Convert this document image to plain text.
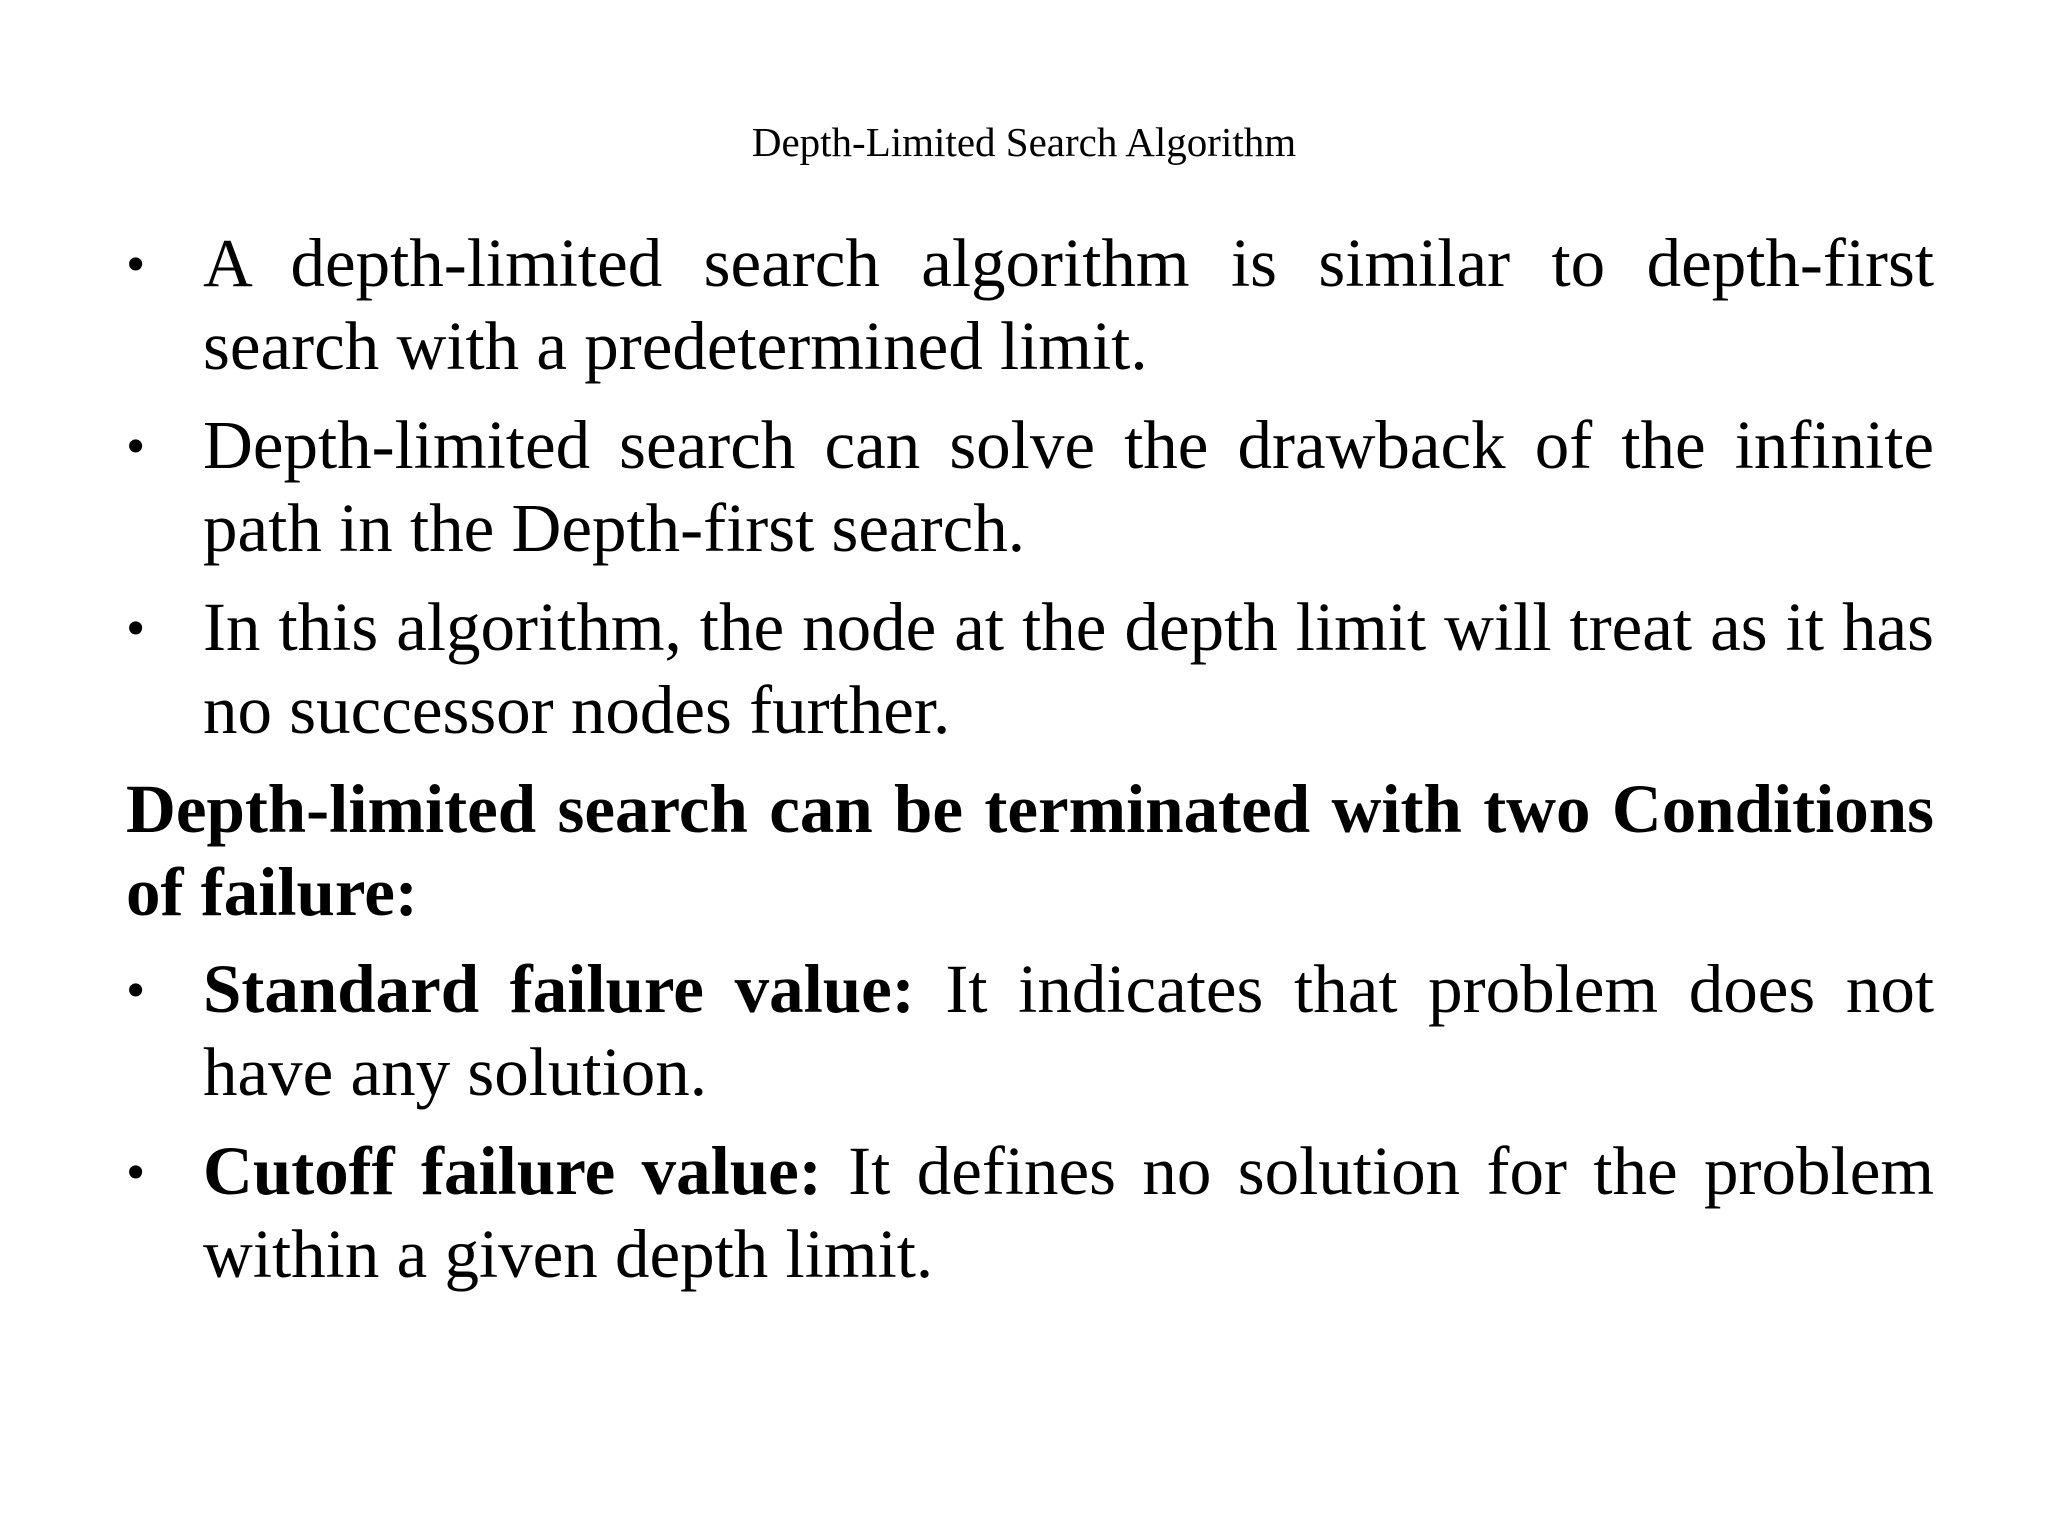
Depth-Limited Search Algorithm
• A depth-limited search algorithm is similar to depth-first search with a predetermined limit.
• Depth-limited search can solve the drawback of the infinite path in the Depth-first search.
• In this algorithm, the node at the depth limit will treat as it has no successor nodes further.
Depth-limited search can be terminated with two Conditions of failure:
• Standard failure value: It indicates that problem does not have any solution.
• Cutoff failure value: It defines no solution for the problem within a given depth limit.
